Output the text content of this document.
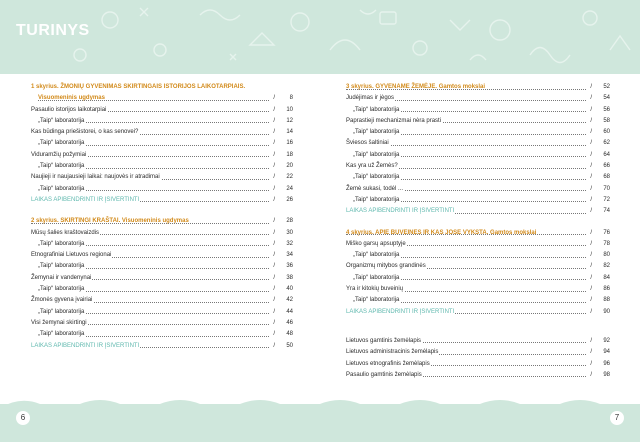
TURINYS
1 skyrius. ŽMONIŲ GYVENIMAS SKIRTINGAIS ISTORIJOS LAIKOTARPIAIS.
Visuomeninis ugdymas	/	8
Pasaulio istorijos laikotarpiai	/	10
„Taip“ laboratorija	/	12
Kas būdinga priešistorei, o kas senovei?	/	14
„Taip“ laboratorija	/	16
Viduramžių požymiai	/	18
„Taip“ laboratorija	/	20
Naujieji ir naujausieji laikai: naujovės ir atradimai	/	22
„Taip“ laboratorija	/	24
LAIKAS APIBENDRINTI IR ĮSIVERTINTI	/	26
2 skyrius. SKIRTINGI KRAŠTAI. Visuomeninis ugdymas	/	28
Mūsų šalies kraštovaizdis	/	30
„Taip“ laboratorija	/	32
Etnografiniai Lietuvos regionai	/	34
„Taip“ laboratorija	/	36
Žemynai ir vandenynai	/	38
„Taip“ laboratorija	/	40
Žmonės gyvena įvairiai	/	42
„Taip“ laboratorija	/	44
Visi žemynai skirtingi	/	46
„Taip“ laboratorija	/	48
LAIKAS APIBENDRINTI IR ĮSIVERTINTI	/	50
3 skyrius. GYVENAME ŽEMĖJE. Gamtos mokslai	/	52
Judėjimas ir jėgos	/	54
„Taip“ laboratorija	/	56
Paprastieji mechanizmai nėra prasti	/	58
„Taip“ laboratorija	/	60
Šviesos šaltiniai	/	62
„Taip“ laboratorija	/	64
Kas yra už Žemės?	/	66
„Taip“ laboratorija	/	68
Žemė sukasi, todėl ...	/	70
„Taip“ laboratorija	/	72
LAIKAS APIBENDRINTI IR ĮSIVERTINTI	/	74
4 skyrius. APIE BUVEINES IR KAS JOSE VYKSTA. Gamtos mokslai	/	76
Miško garsų apsuptyje	/	78
„Taip“ laboratorija	/	80
Organizmų mitybos grandinės	/	82
„Taip“ laboratorija	/	84
Yra ir kitokių buveinių	/	86
„Taip“ laboratorija	/	88
LAIKAS APIBENDRINTI IR ĮSIVERTINTI	/	90
Lietuvos gamtinis žemėlapis	/	92
Lietuvos administracinis žemėlapis	/	94
Lietuvos etnografinis žemėlapis	/	96
Pasaulio gamtinis žemėlapis	/	98
6	7
